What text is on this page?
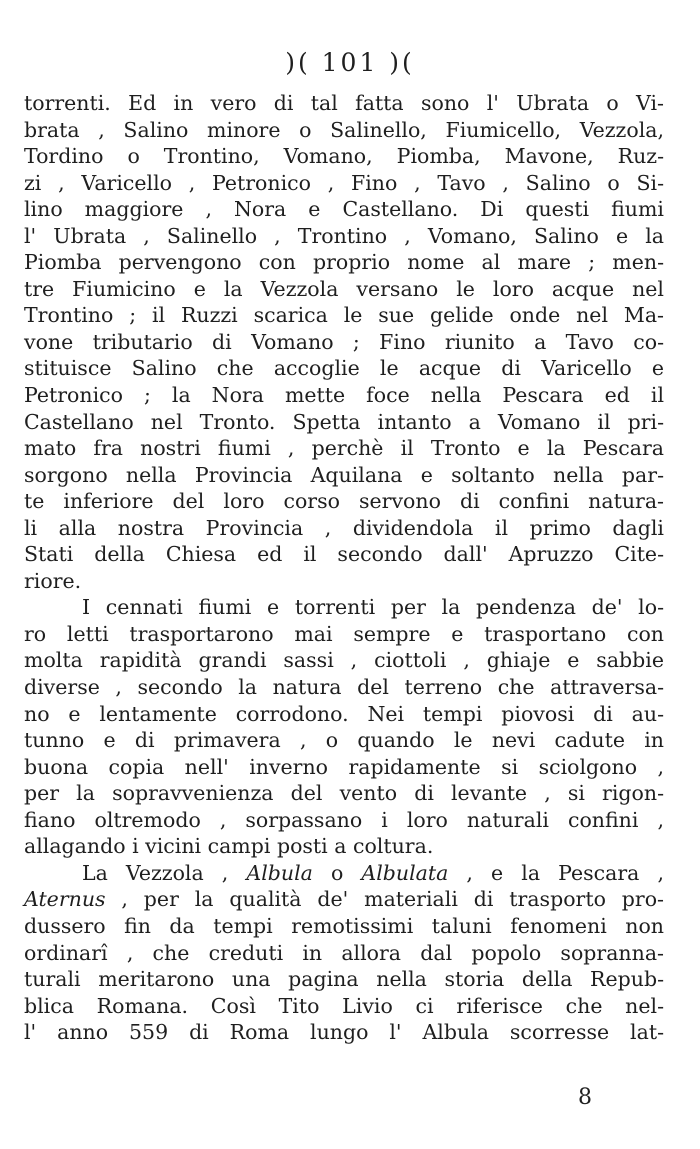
)( 101 )(
torrenti. Ed in vero di tal fatta sono l' Ubrata o Vi-
brata , Salino minore o Salinello, Fiumicello, Vezzola,
Tordino o Trontino, Vomano, Piomba, Mavone, Ruz-
zi , Varicello , Petronico , Fino , Tavo , Salino o Si-
lino maggiore , Nora e Castellano. Di questi fiumi
l' Ubrata , Salinello , Trontino , Vomano, Salino e la
Piomba pervengono con proprio nome al mare ; men-
tre Fiumicino e la Vezzola versano le loro acque nel
Trontino ; il Ruzzi scarica le sue gelide onde nel Ma-
vone tributario di Vomano ; Fino riunito a Tavo co-
stituisce Salino che accoglie le acque di Varicello e
Petronico ; la Nora mette foce nella Pescara ed il
Castellano nel Tronto. Spetta intanto a Vomano il pri-
mato fra nostri fiumi , perchè il Tronto e la Pescara
sorgono nella Provincia Aquilana e soltanto nella par-
te inferiore del loro corso servono di confini natura-
li alla nostra Provincia , dividendola il primo dagli
Stati della Chiesa ed il secondo dall' Apruzzo Cite-
riore.
I cennati fiumi e torrenti per la pendenza de' lo-
ro letti trasportarono mai sempre e trasportano con
molta rapidità grandi sassi , ciottoli , ghiaje e sabbie
diverse , secondo la natura del terreno che attraversa-
no e lentamente corrodono. Nei tempi piovosi di au-
tunno e di primavera , o quando le nevi cadute in
buona copia nell' inverno rapidamente si sciolgono ,
per la sopravvenienza del vento di levante , si rigon-
fiano oltremodo , sorpassano i loro naturali confini ,
allagando i vicini campi posti a coltura.
La Vezzola , Albula o Albulata , e la Pescara ,
Aternus , per la qualità de' materiali di trasporto pro-
dussero fin da tempi remotissimi taluni fenomeni non
ordinarî , che creduti in allora dal popolo sopranna-
turali meritarono una pagina nella storia della Repub-
blica Romana. Così Tito Livio ci riferisce che nel-
l' anno 559 di Roma lungo l' Albula scorresse lat-
8
